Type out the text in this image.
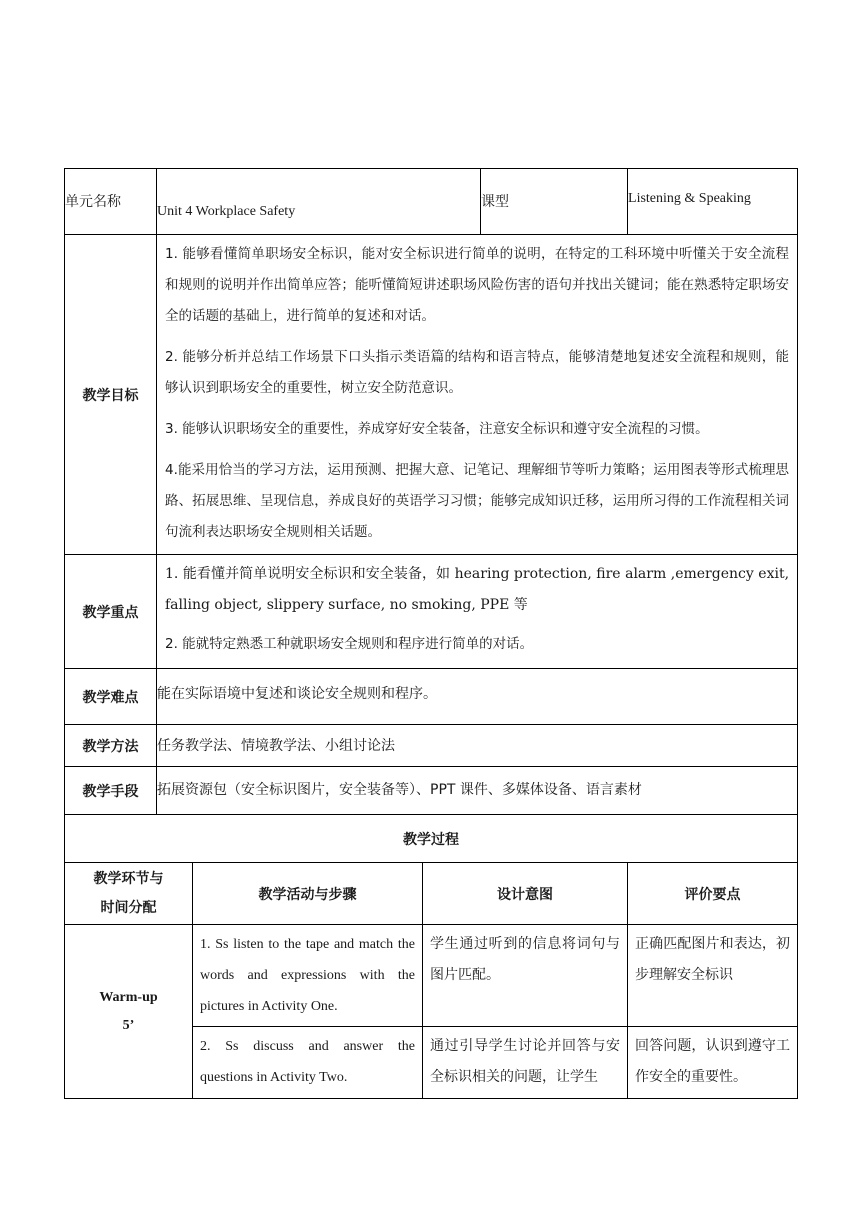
单元名称	Unit 4 Workplace Safety			课型	Listening & Speaking
教学目标	1. 能够看懂简单职场安全标识，能对安全标识进行简单的说明，在特定的工科环境中听懂关于安全流程和规则的说明并作出简单应答；能听懂简短讲述职场风险伤害的语句并找出关键词；能在熟悉特定职场安全的话题的基础上，进行简单的复述和对话。

2. 能够分析并总结工作场景下口头指示类语篇的结构和语言特点，能够清楚地复述安全流程和规则，能够认识到职场安全的重要性，树立安全防范意识。

3. 能够认识职场安全的重要性，养成穿好安全装备，注意安全标识和遵守安全流程的习惯。

4.能采用恰当的学习方法，运用预测、把握大意、记笔记、理解细节等听力策略；运用图表等形式梳理思路、拓展思维、呈现信息，养成良好的英语学习习惯；能够完成知识迁移，运用所习得的工作流程相关词句流利表达职场安全规则相关话题。				

教学重点	1. 能看懂并简单说明安全标识和安全装备，如 hearing protection, fire alarm ,emergency exit, falling object, slippery surface, no smoking, PPE 等

2. 能就特定熟悉工种就职场安全规则和程序进行简单的对话。				

教学难点	能在实际语境中复述和谈论安全规则和程序。				
教学方法	任务教学法、情境教学法、小组讨论法				
教学手段	拓展资源包（安全标识图片，安全装备等）、PPT 课件、多媒体设备、语言素材				
教学过程					

教学环节与
时间分配		教学活动与步骤	设计意图		评价要点

Warm-up
5’		1. Ss listen to the tape and match the words and expressions with the pictures in Activity One.	学生通过听到的信息将词句与图片匹配。		正确匹配图片和表达，初步理解安全标识
		2. Ss discuss and answer the questions in Activity Two.	通过引导学生讨论并回答与安全标识相关的问题，让学生		回答问题，认识到遵守工作安全的重要性。
